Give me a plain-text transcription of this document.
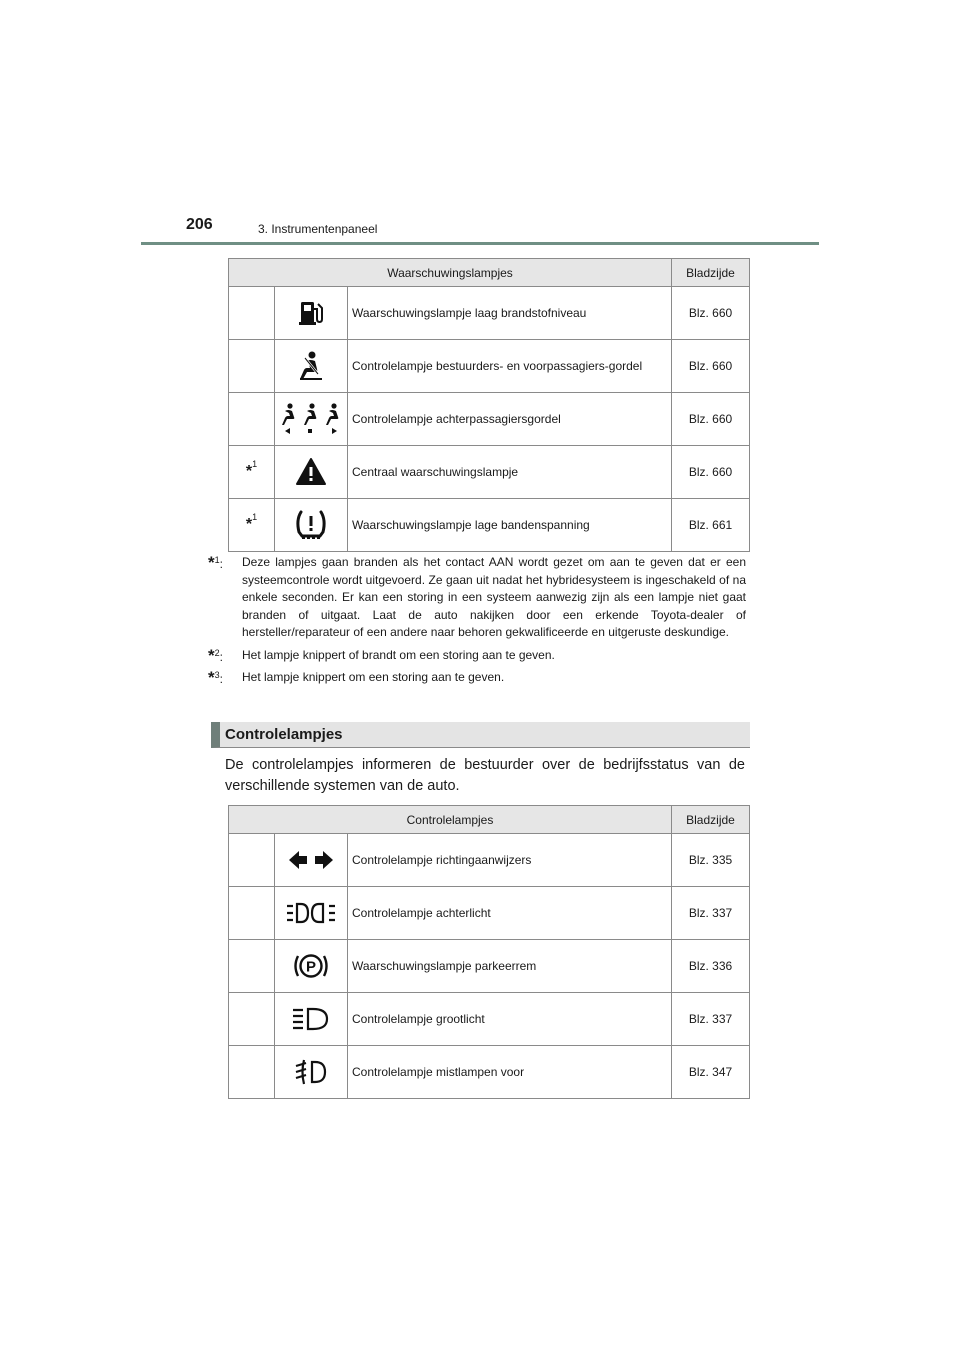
206	3. Instrumentenpaneel
Waarschuwingslampjes			Bladzijde

	Waarschuwingslampje laag brandstofniveau	Blz. 660

	Controlelampje bestuurders- en voorpassagiers-gordel	Blz. 660

	Controlelampje achterpassagiersgordel	Blz. 660
*$^1$		Centraal waarschuwingslampje	Blz. 660
*$^1$		Waarschuwingslampje lage bandenspanning	Blz. 661
*$^1$: Deze lampjes gaan branden als het contact AAN wordt gezet om aan te geven dat er een systeemcontrole wordt uitgevoerd. Ze gaan uit nadat het hybridesysteem is ingeschakeld of na enkele seconden. Er kan een storing in een systeem aanwezig zijn als een lampje niet gaat branden of uitgaat. Laat de auto nakijken door een erkende Toyota-dealer of hersteller/reparateur of een andere naar behoren gekwalificeerde en uitgeruste deskundige.
*$^2$: Het lampje knippert of brandt om een storing aan te geven.
*$^3$: Het lampje knippert om een storing aan te geven.
Controlelampjes

De controlelampjes informeren de bestuurder over de bedrijfsstatus van de verschillende systemen van de auto.

Controlelampjes			Bladzijde

	Controlelampje richtingaanwijzers	Blz. 335

	Controlelampje achterlicht	Blz. 337

P	Waarschuwingslampje parkeerrem	Blz. 336

	Controlelampje grootlicht	Blz. 337

	Controlelampje mistlampen voor	Blz. 347
